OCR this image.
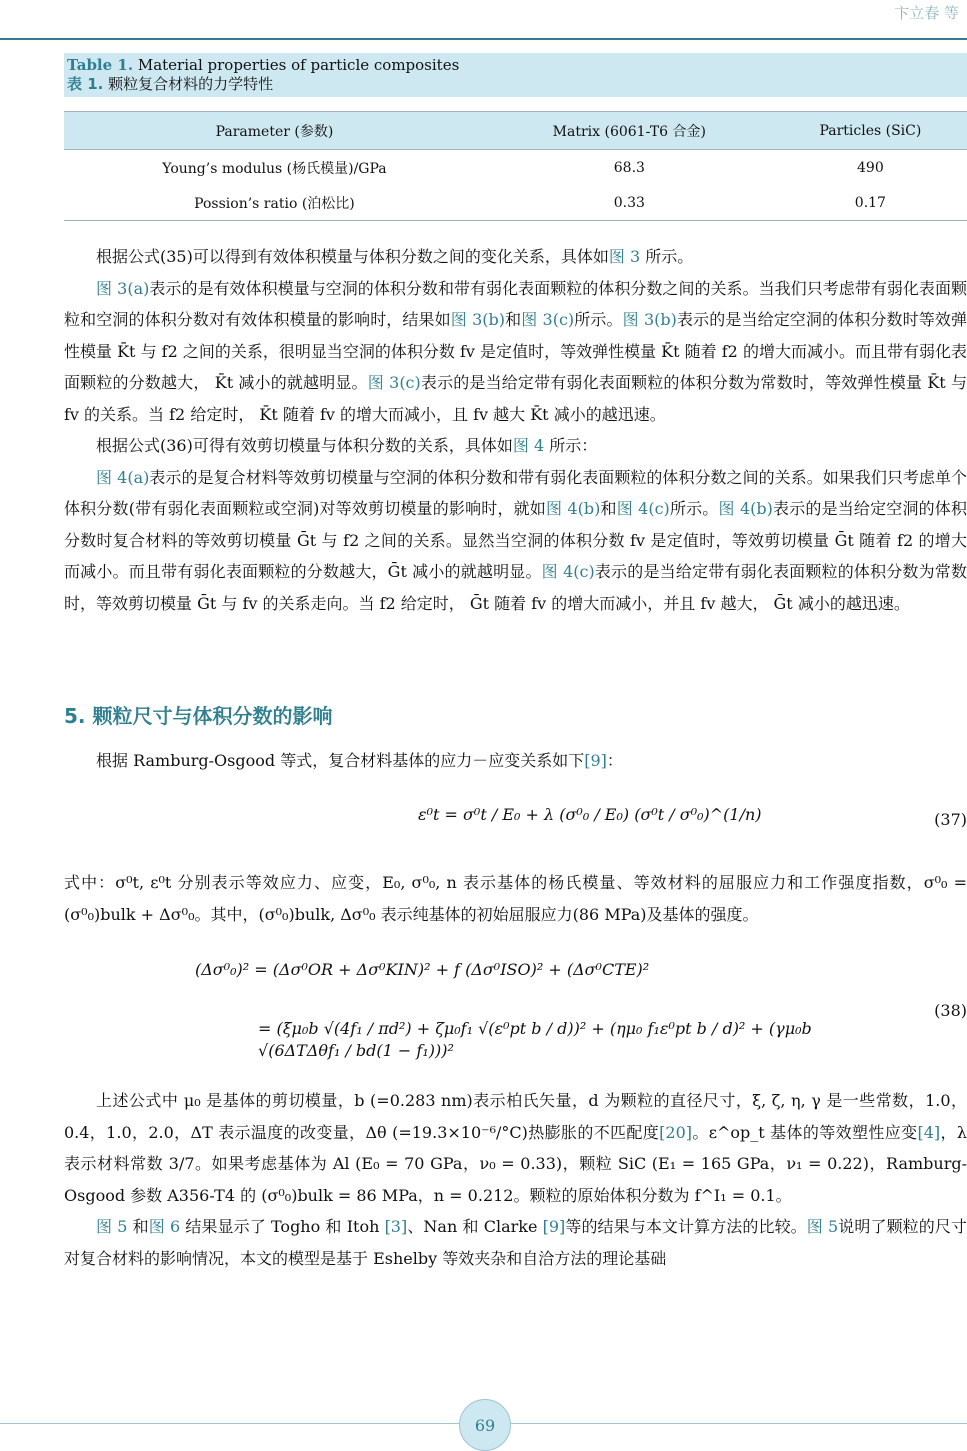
卞立春 等
Table 1. Material properties of particle composites
表 1. 颗粒复合材料的力学特性
Parameter (参数)	Matrix (6061-T6 合金)	Particles (SiC)
Young’s modulus (杨氏模量)/GPa	68.3	490
Possion’s ratio (泊松比)	0.33	0.17

根据公式(35)可以得到有效体积模量与体积分数之间的变化关系，具体如图 3 所示。

图 3(a)表示的是有效体积模量与空洞的体积分数和带有弱化表面颗粒的体积分数之间的关系。当我们只考虑带有弱化表面颗粒和空洞的体积分数对有效体积模量的影响时，结果如图 3(b)和图 3(c)所示。图 3(b)表示的是当给定空洞的体积分数时等效弹性模量 K̄t 与 f2 之间的关系，很明显当空洞的体积分数 fv 是定值时，等效弹性模量 K̄t 随着 f2 的增大而减小。而且带有弱化表面颗粒的分数越大， K̄t 减小的就越明显。图 3(c)表示的是当给定带有弱化表面颗粒的体积分数为常数时，等效弹性模量 K̄t 与 fv 的关系。当 f2 给定时， K̄t 随着 fv 的增大而减小，且 fv 越大 K̄t 减小的越迅速。

根据公式(36)可得有效剪切模量与体积分数的关系，具体如图 4 所示：

图 4(a)表示的是复合材料等效剪切模量与空洞的体积分数和带有弱化表面颗粒的体积分数之间的关系。如果我们只考虑单个体积分数(带有弱化表面颗粒或空洞)对等效剪切模量的影响时，就如图 4(b)和图 4(c)所示。图 4(b)表示的是当给定空洞的体积分数时复合材料的等效剪切模量 Ḡt 与 f2 之间的关系。显然当空洞的体积分数 fv 是定值时，等效剪切模量 Ḡt 随着 f2 的增大而减小。而且带有弱化表面颗粒的分数越大，Ḡt 减小的就越明显。图 4(c)表示的是当给定带有弱化表面颗粒的体积分数为常数时，等效剪切模量 Ḡt 与 fv 的关系走向。当 f2 给定时， Ḡt 随着 fv 的增大而减小，并且 fv 越大， Ḡt 减小的越迅速。

5. 颗粒尺寸与体积分数的影响

根据 Ramburg-Osgood 等式，复合材料基体的应力－应变关系如下[9]：

ε⁰t = σ⁰t / E₀ + λ (σ⁰₀ / E₀) (σ⁰t / σ⁰₀)^(1/n)	(37)

式中：σ⁰t, ε⁰t 分别表示等效应力、应变，E₀, σ⁰₀, n 表示基体的杨氏模量、等效材料的屈服应力和工作强度指数，σ⁰₀ = (σ⁰₀)bulk + Δσ⁰₀。其中，(σ⁰₀)bulk, Δσ⁰₀ 表示纯基体的初始屈服应力(86 MPa)及基体的强度。

(Δσ⁰₀)² = (Δσ⁰OR + Δσ⁰KIN)² + f (Δσ⁰ISO)² + (Δσ⁰CTE)²
= (ξμ₀b √(4f₁ / πd²) + ζμ₀f₁ √(ε⁰pt b / d))² + (ημ₀ f₁ε⁰pt b / d)² + (γμ₀b √(6ΔTΔθf₁ / bd(1 − f₁)))²
(38)

上述公式中 μ₀ 是基体的剪切模量，b (=0.283 nm)表示柏氏矢量，d 为颗粒的直径尺寸，ξ, ζ, η, γ 是一些常数，1.0，0.4，1.0，2.0，ΔT 表示温度的改变量，Δθ (=19.3×10⁻⁶/°C)热膨胀的不匹配度[20]。ε^op_t 基体的等效塑性应变[4]，λ 表示材料常数 3/7。如果考虑基体为 Al (E₀ = 70 GPa，ν₀ = 0.33)，颗粒 SiC (E₁ = 165 GPa，ν₁ = 0.22)，Ramburg-Osgood 参数 A356-T4 的 (σ⁰₀)bulk = 86 MPa，n = 0.212。颗粒的原始体积分数为 f^I₁ = 0.1。

图 5 和图 6 结果显示了 Togho 和 Itoh [3]、Nan 和 Clarke [9]等的结果与本文计算方法的比较。图 5说明了颗粒的尺寸对复合材料的影响情况，本文的模型是基于 Eshelby 等效夹杂和自洽方法的理论基础

69
